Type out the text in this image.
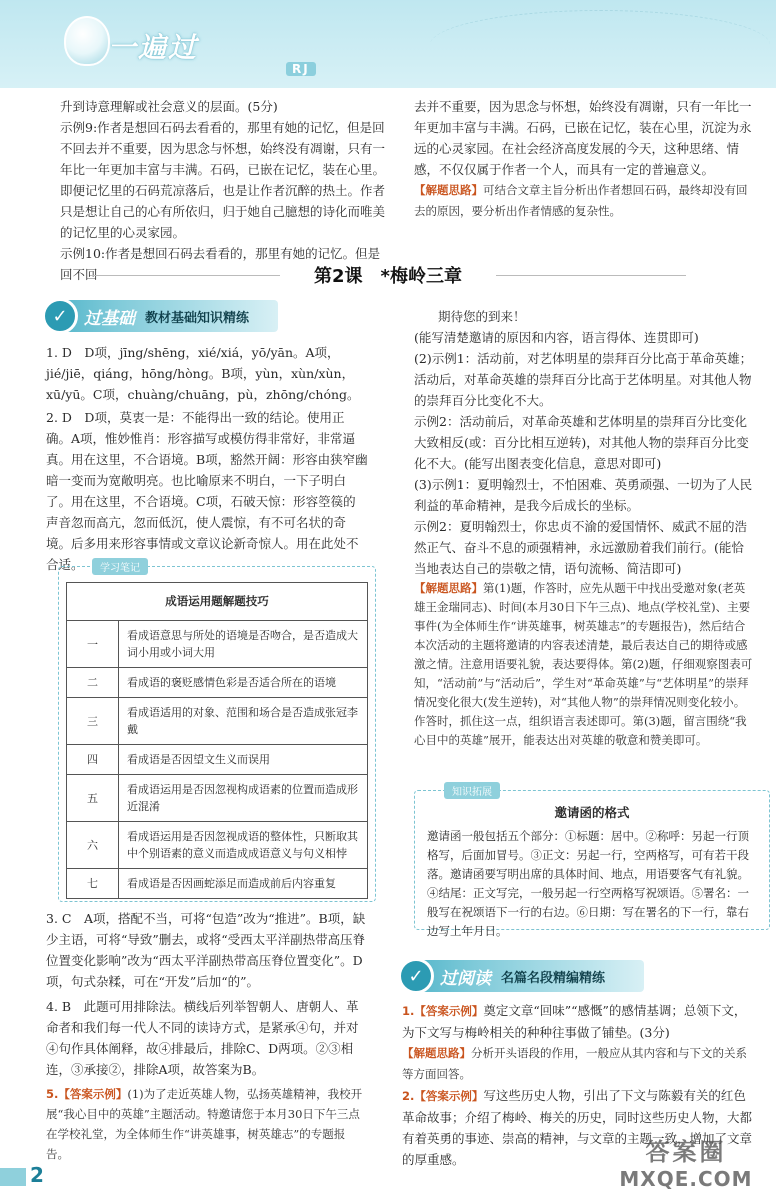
一遍过
RJ

升到诗意理解或社会意义的层面。(5分)

示例9:作者是想回石码去看看的，那里有她的记忆，但是回不回去并不重要，因为思念与怀想，始终没有凋谢，只有一年比一年更加丰富与丰满。石码，已嵌在记忆，装在心里。即便记忆里的石码荒凉落后，也是让作者沉醉的热土。作者只是想让自己的心有所依归，归于她自己臆想的诗化而唯美的记忆里的心灵家园。

示例10:作者是想回石码去看看的，那里有她的记忆。但是回不回

去并不重要，因为思念与怀想，始终没有凋谢，只有一年比一年更加丰富与丰满。石码，已嵌在记忆，装在心里，沉淀为永远的心灵家园。在社会经济高度发展的今天，这种思绪、情感，不仅仅属于作者一个人，而具有一定的普遍意义。

【解题思路】可结合文章主旨分析出作者想回石码，最终却没有回去的原因，要分析出作者情感的复杂性。

第2课　*梅岭三章
✓ 过基础 教材基础知识精练

1. D　D项，jīng/shēng，xié/xiá，yō/yān。A项，jié/jiē，qiáng，hōng/hòng。B项，yùn，xùn/xùn，xū/yū。C项，chuàng/chuāng，pù，zhōng/chóng。

2. D　D项，莫衷一是：不能得出一致的结论。使用正确。A项，惟妙惟肖：形容描写或模仿得非常好，非常逼真。用在这里，不合语境。B项，豁然开阔：形容由狭窄幽暗一变而为宽敞明亮。也比喻原来不明白，一下子明白了。用在这里，不合语境。C项，石破天惊：形容箜篌的声音忽而高亢，忽而低沉，使人震惊，有不可名状的奇境。后多用来形容事情或文章议论新奇惊人。用在此处不合适。	学习笔记
成语运用题解题技巧	
一	看成语意思与所处的语境是否吻合，是否造成大词小用或小词大用
二	看成语的褒贬感情色彩是否适合所在的语境
三	看成语适用的对象、范围和场合是否造成张冠李戴
四	看成语是否因望文生义而误用
五	看成语运用是否因忽视构成语素的位置而造成形近混淆
六	看成语运用是否因忽视成语的整体性，只断取其中个别语素的意义而造成成语意义与句义相悖
七	看成语是否因画蛇添足而造成前后内容重复

3. C　A项，搭配不当，可将“包造”改为“推进”。B项，缺少主语，可将“导致”删去，或将“受西太平洋副热带高压脊位置变化影响”改为“西太平洋副热带高压脊位置变化”。D项，句式杂糅，可在“开发”后加“的”。

4. B　此题可用排除法。横线后列举智朝人、唐朝人、革命者和我们每一代人不同的读诗方式，是紧承④句，并对④句作具体阐释，故④排最后，排除C、D两项。②③相连，③承接②，排除A项，故答案为B。

5.【答案示例】(1)为了走近英雄人物，弘扬英雄精神，我校开展“我心目中的英雄”主题活动。特邀请您于本月30日下午三点在学校礼堂，为全体师生作“讲英雄事，树英雄志”的专题报告。

期待您的到来！

(能写清楚邀请的原因和内容，语言得体、连贯即可)

(2)示例1：活动前，对艺体明星的崇拜百分比高于革命英雄；活动后，对革命英雄的崇拜百分比高于艺体明星。对其他人物的崇拜百分比变化不大。

示例2：活动前后，对革命英雄和艺体明星的崇拜百分比变化大致相反(或：百分比相互逆转)，对其他人物的崇拜百分比变化不大。(能写出图表变化信息，意思对即可)

(3)示例1：夏明翰烈士，不怕困难、英勇顽强、一切为了人民利益的革命精神，是我今后成长的坐标。

示例2：夏明翰烈士，你忠贞不渝的爱国情怀、威武不屈的浩然正气、奋斗不息的顽强精神，永远激励着我们前行。(能恰当地表达自己的崇敬之情，语句流畅、简洁即可)

【解题思路】第(1)题，作答时，应先从题干中找出受邀对象(老英雄王金瑞同志)、时间(本月30日下午三点)、地点(学校礼堂)、主要事件(为全体师生作“讲英雄事，树英雄志”的专题报告)，然后结合本次活动的主题将邀请的内容表述清楚，最后表达自己的期待或感激之情。注意用语要礼貌，表达要得体。第(2)题，仔细观察图表可知，“活动前”与“活动后”，学生对“革命英雄”与“艺体明星”的崇拜情况变化很大(发生逆转)，对“其他人物”的崇拜情况则变化较小。作答时，抓住这一点，组织语言表述即可。第(3)题，留言围绕“我心目中的英雄”展开，能表达出对英雄的敬意和赞美即可。

知识拓展
邀请函的格式
邀请函一般包括五个部分：①标题：居中。②称呼：另起一行顶格写，后面加冒号。③正文：另起一行，空两格写，可有若干段落。邀请函要写明出席的具体时间、地点，用语要客气有礼貌。④结尾：正文写完，一般另起一行空两格写祝颂语。⑤署名：一般写在祝颂语下一行的右边。⑥日期：写在署名的下一行，靠右边写上年月日。
✓ 过阅读 名篇名段精编精练

1.【答案示例】奠定文章“回味”“感慨”的感情基调；总领下文，为下文写与梅岭相关的种种往事做了铺垫。(3分)

【解题思路】分析开头语段的作用，一般应从其内容和与下文的关系等方面回答。

2.【答案示例】写这些历史人物，引出了下文与陈毅有关的红色革命故事；介绍了梅岭、梅关的历史，同时这些历史人物，大都有着英勇的事迹、崇高的精神，与文章的主题一致，增加了文章的厚重感。

2
答案圈
MXQE.COM
